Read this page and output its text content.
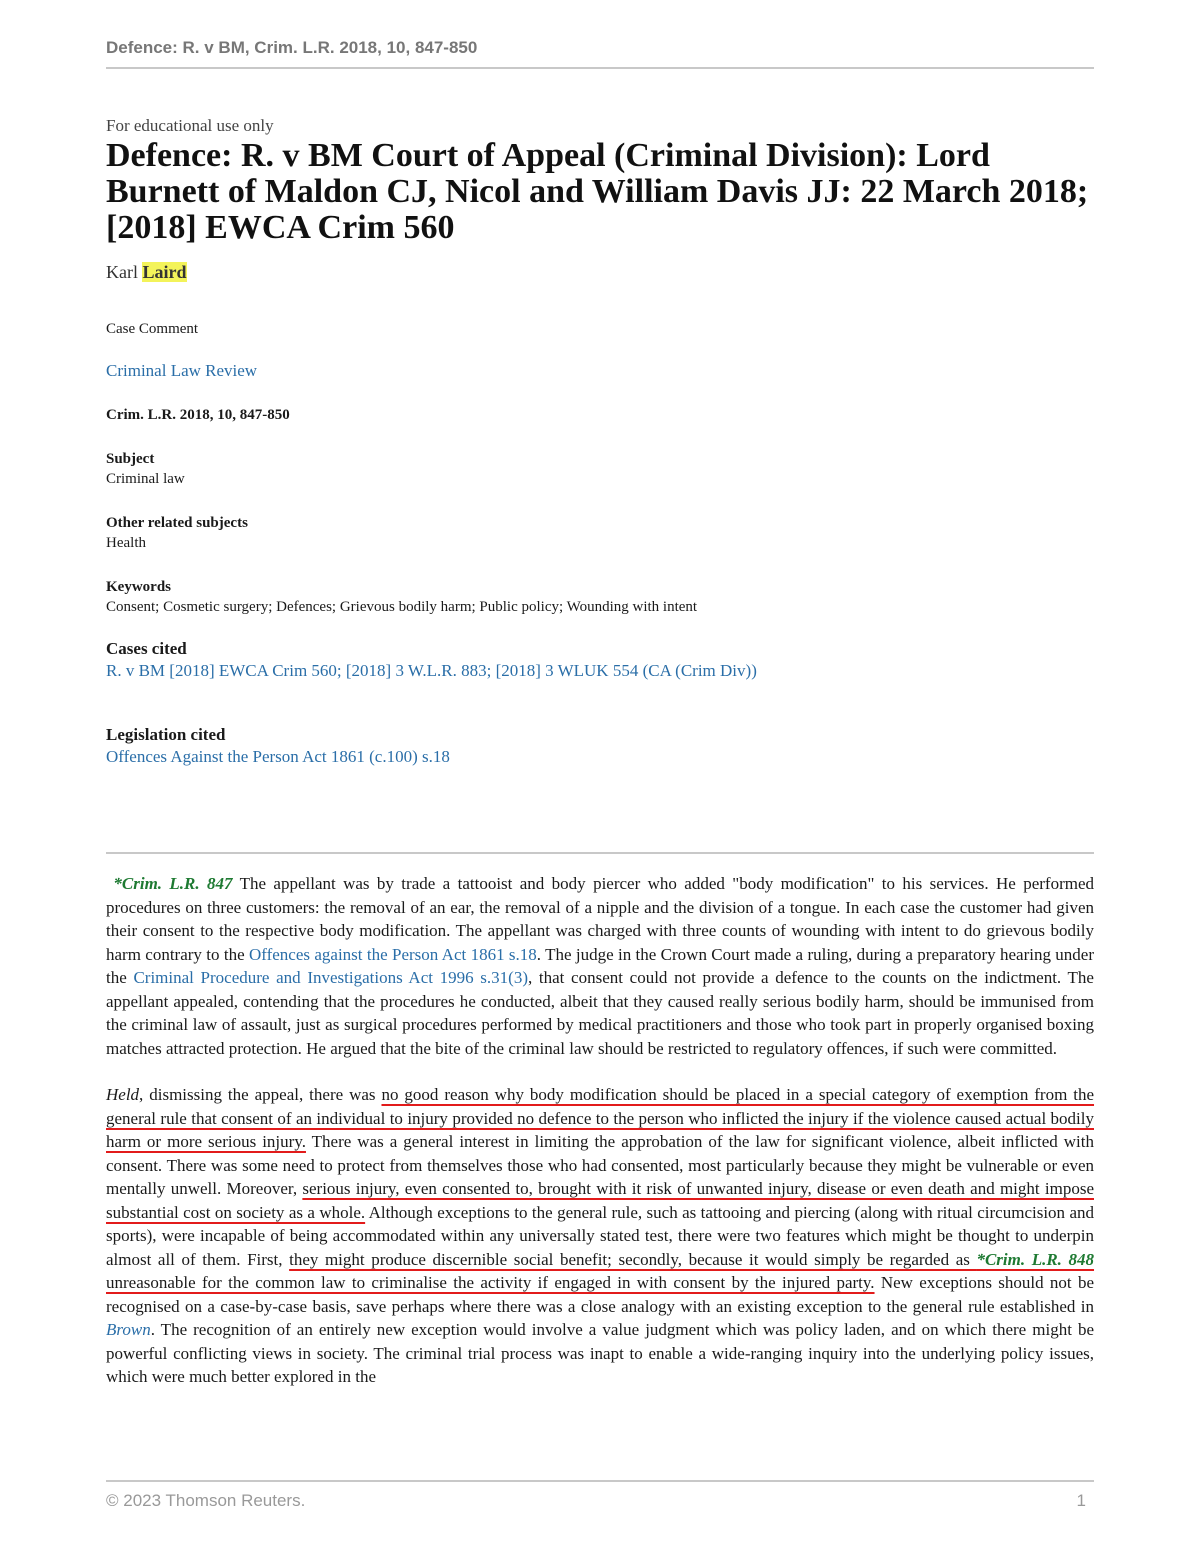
Defence: R. v BM, Crim. L.R. 2018, 10, 847-850

For educational use only

Defence: R. v BM Court of Appeal (Criminal Division): Lord Burnett of Maldon CJ, Nicol and William Davis JJ: 22 March 2018; [2018] EWCA Crim 560

Karl Laird

Case Comment

Criminal Law Review

Crim. L.R. 2018, 10, 847-850

Subject

Criminal law

Other related subjects

Health

Keywords

Consent; Cosmetic surgery; Defences; Grievous bodily harm; Public policy; Wounding with intent

Cases cited

R. v BM [2018] EWCA Crim 560; [2018] 3 W.L.R. 883; [2018] 3 WLUK 554 (CA (Crim Div))

Legislation cited

Offences Against the Person Act 1861 (c.100) s.18

*Crim. L.R. 847 The appellant was by trade a tattooist and body piercer who added "body modification" to his services. He performed procedures on three customers: the removal of an ear, the removal of a nipple and the division of a tongue. In each case the customer had given their consent to the respective body modification. The appellant was charged with three counts of wounding with intent to do grievous bodily harm contrary to the Offences against the Person Act 1861 s.18. The judge in the Crown Court made a ruling, during a preparatory hearing under the Criminal Procedure and Investigations Act 1996 s.31(3), that consent could not provide a defence to the counts on the indictment. The appellant appealed, contending that the procedures he conducted, albeit that they caused really serious bodily harm, should be immunised from the criminal law of assault, just as surgical procedures performed by medical practitioners and those who took part in properly organised boxing matches attracted protection. He argued that the bite of the criminal law should be restricted to regulatory offences, if such were committed.

Held, dismissing the appeal, there was no good reason why body modification should be placed in a special category of exemption from the general rule that consent of an individual to injury provided no defence to the person who inflicted the injury if the violence caused actual bodily harm or more serious injury. There was a general interest in limiting the approbation of the law for significant violence, albeit inflicted with consent. There was some need to protect from themselves those who had consented, most particularly because they might be vulnerable or even mentally unwell. Moreover, serious injury, even consented to, brought with it risk of unwanted injury, disease or even death and might impose substantial cost on society as a whole. Although exceptions to the general rule, such as tattooing and piercing (along with ritual circumcision and sports), were incapable of being accommodated within any universally stated test, there were two features which might be thought to underpin almost all of them. First, they might produce discernible social benefit; secondly, because it would simply be regarded as *Crim. L.R. 848 unreasonable for the common law to criminalise the activity if engaged in with consent by the injured party. New exceptions should not be recognised on a case-by-case basis, save perhaps where there was a close analogy with an existing exception to the general rule established in Brown. The recognition of an entirely new exception would involve a value judgment which was policy laden, and on which there might be powerful conflicting views in society. The criminal trial process was inapt to enable a wide-ranging inquiry into the underlying policy issues, which were much better explored in the

© 2023 Thomson Reuters.	1
